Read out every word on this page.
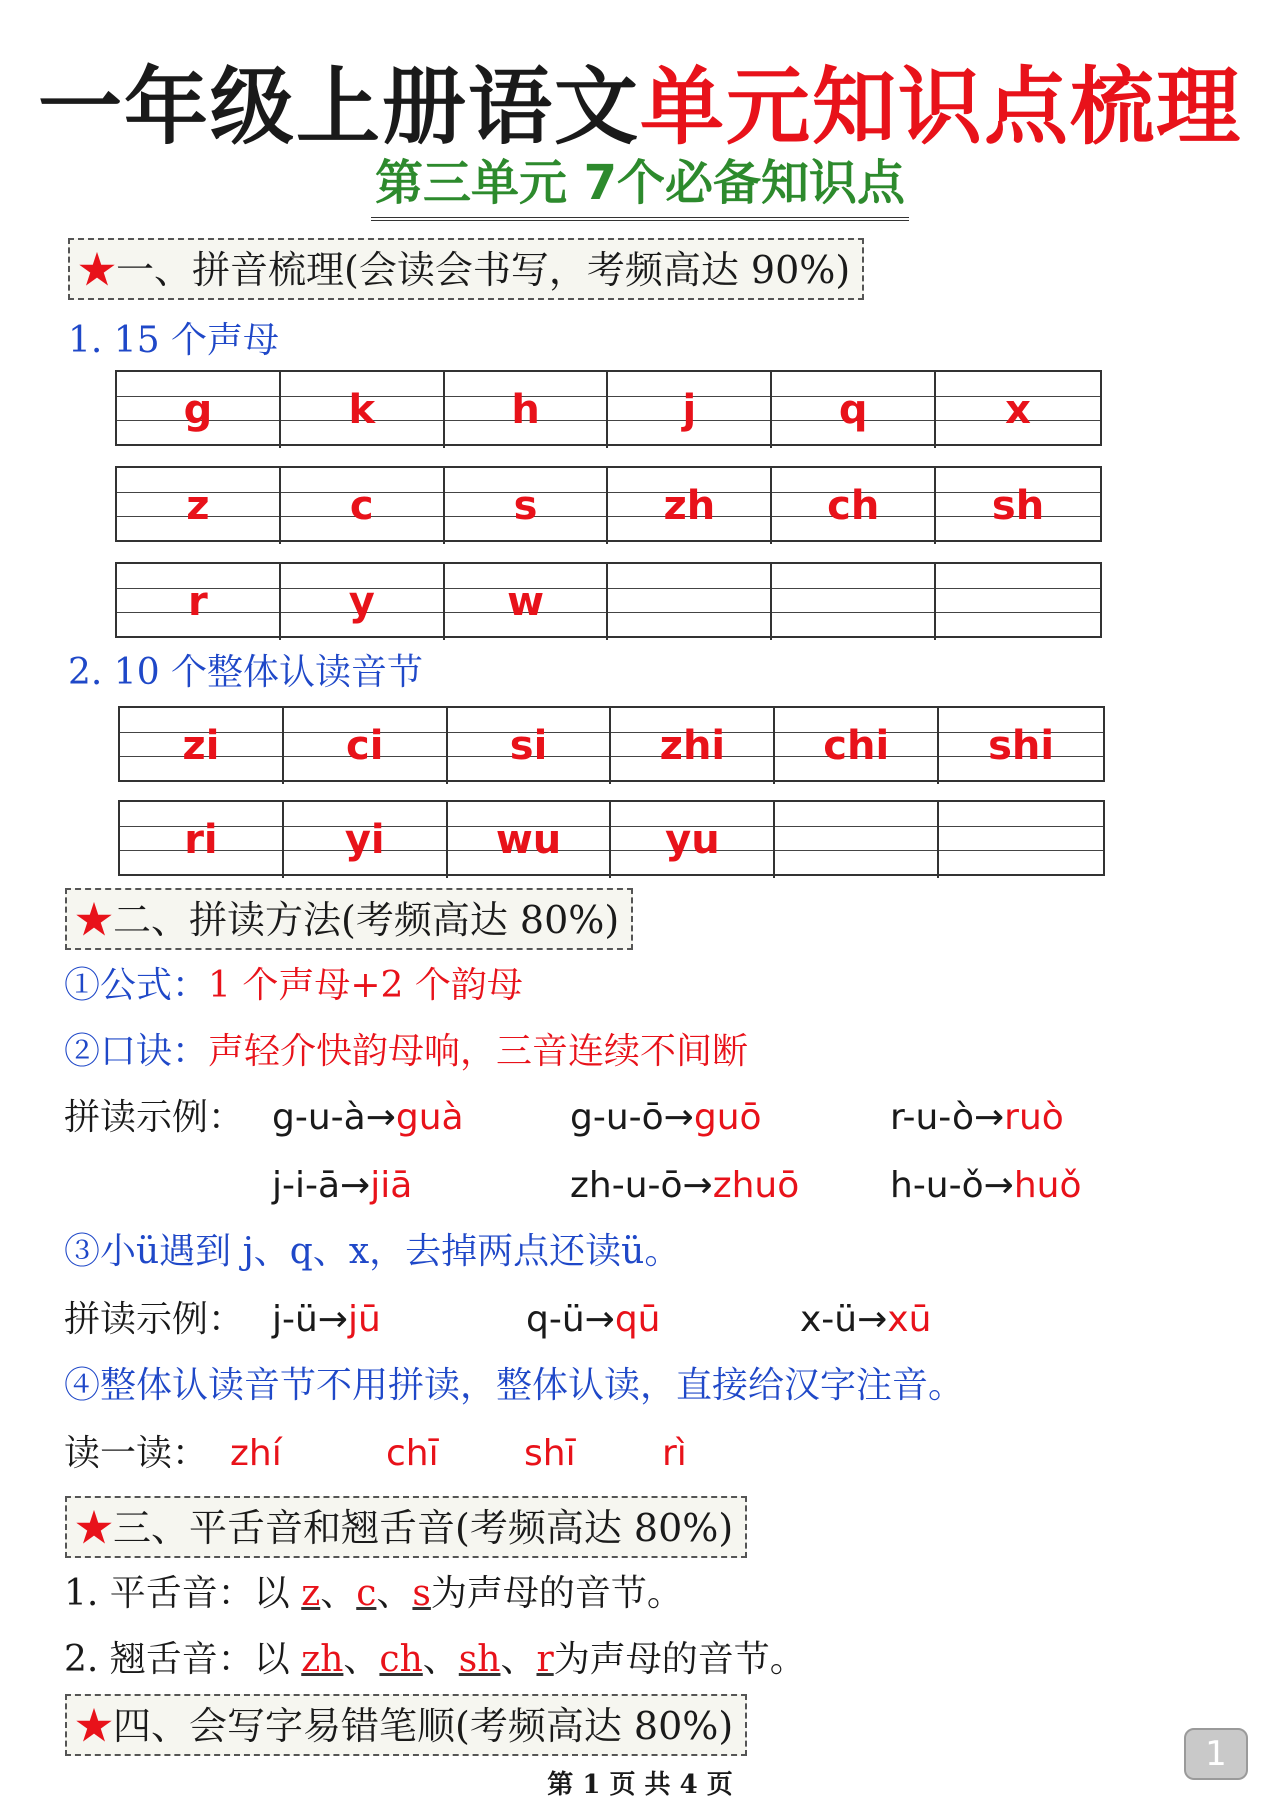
一年级上册语文单元知识点梳理
第三单元 7个必备知识点
★一、拼音梳理(会读会书写，考频高达 90%)
1. 15 个声母
g	k	h	j	q	x
z	c	s	zh	ch	sh
r	y	w
2. 10 个整体认读音节
zi	ci	si	zhi	chi	shi
ri	yi	wu	yu
★二、拼读方法(考频高达 80%)
①公式：1 个声母+2 个韵母
②口诀：声轻介快韵母响，三音连续不间断
拼读示例： g-u-à→guà	g-u-ō→guō	r-u-ò→ruò
j-i-ā→jiā	zh-u-ō→zhuō	h-u-ǒ→huǒ
③小ü遇到 j、q、x，去掉两点还读ü。
拼读示例： j-ü→jū	q-ü→qū	x-ü→xū
④整体认读音节不用拼读，整体认读，直接给汉字注音。
读一读： zhí	chī shī rì
★三、平舌音和翘舌音(考频高达 80%)
1. 平舌音：以 z、c、s为声母的音节。
2. 翘舌音：以 zh、ch、sh、r为声母的音节。
★四、会写字易错笔顺(考频高达 80%)
第 1 页 共 4 页
1
